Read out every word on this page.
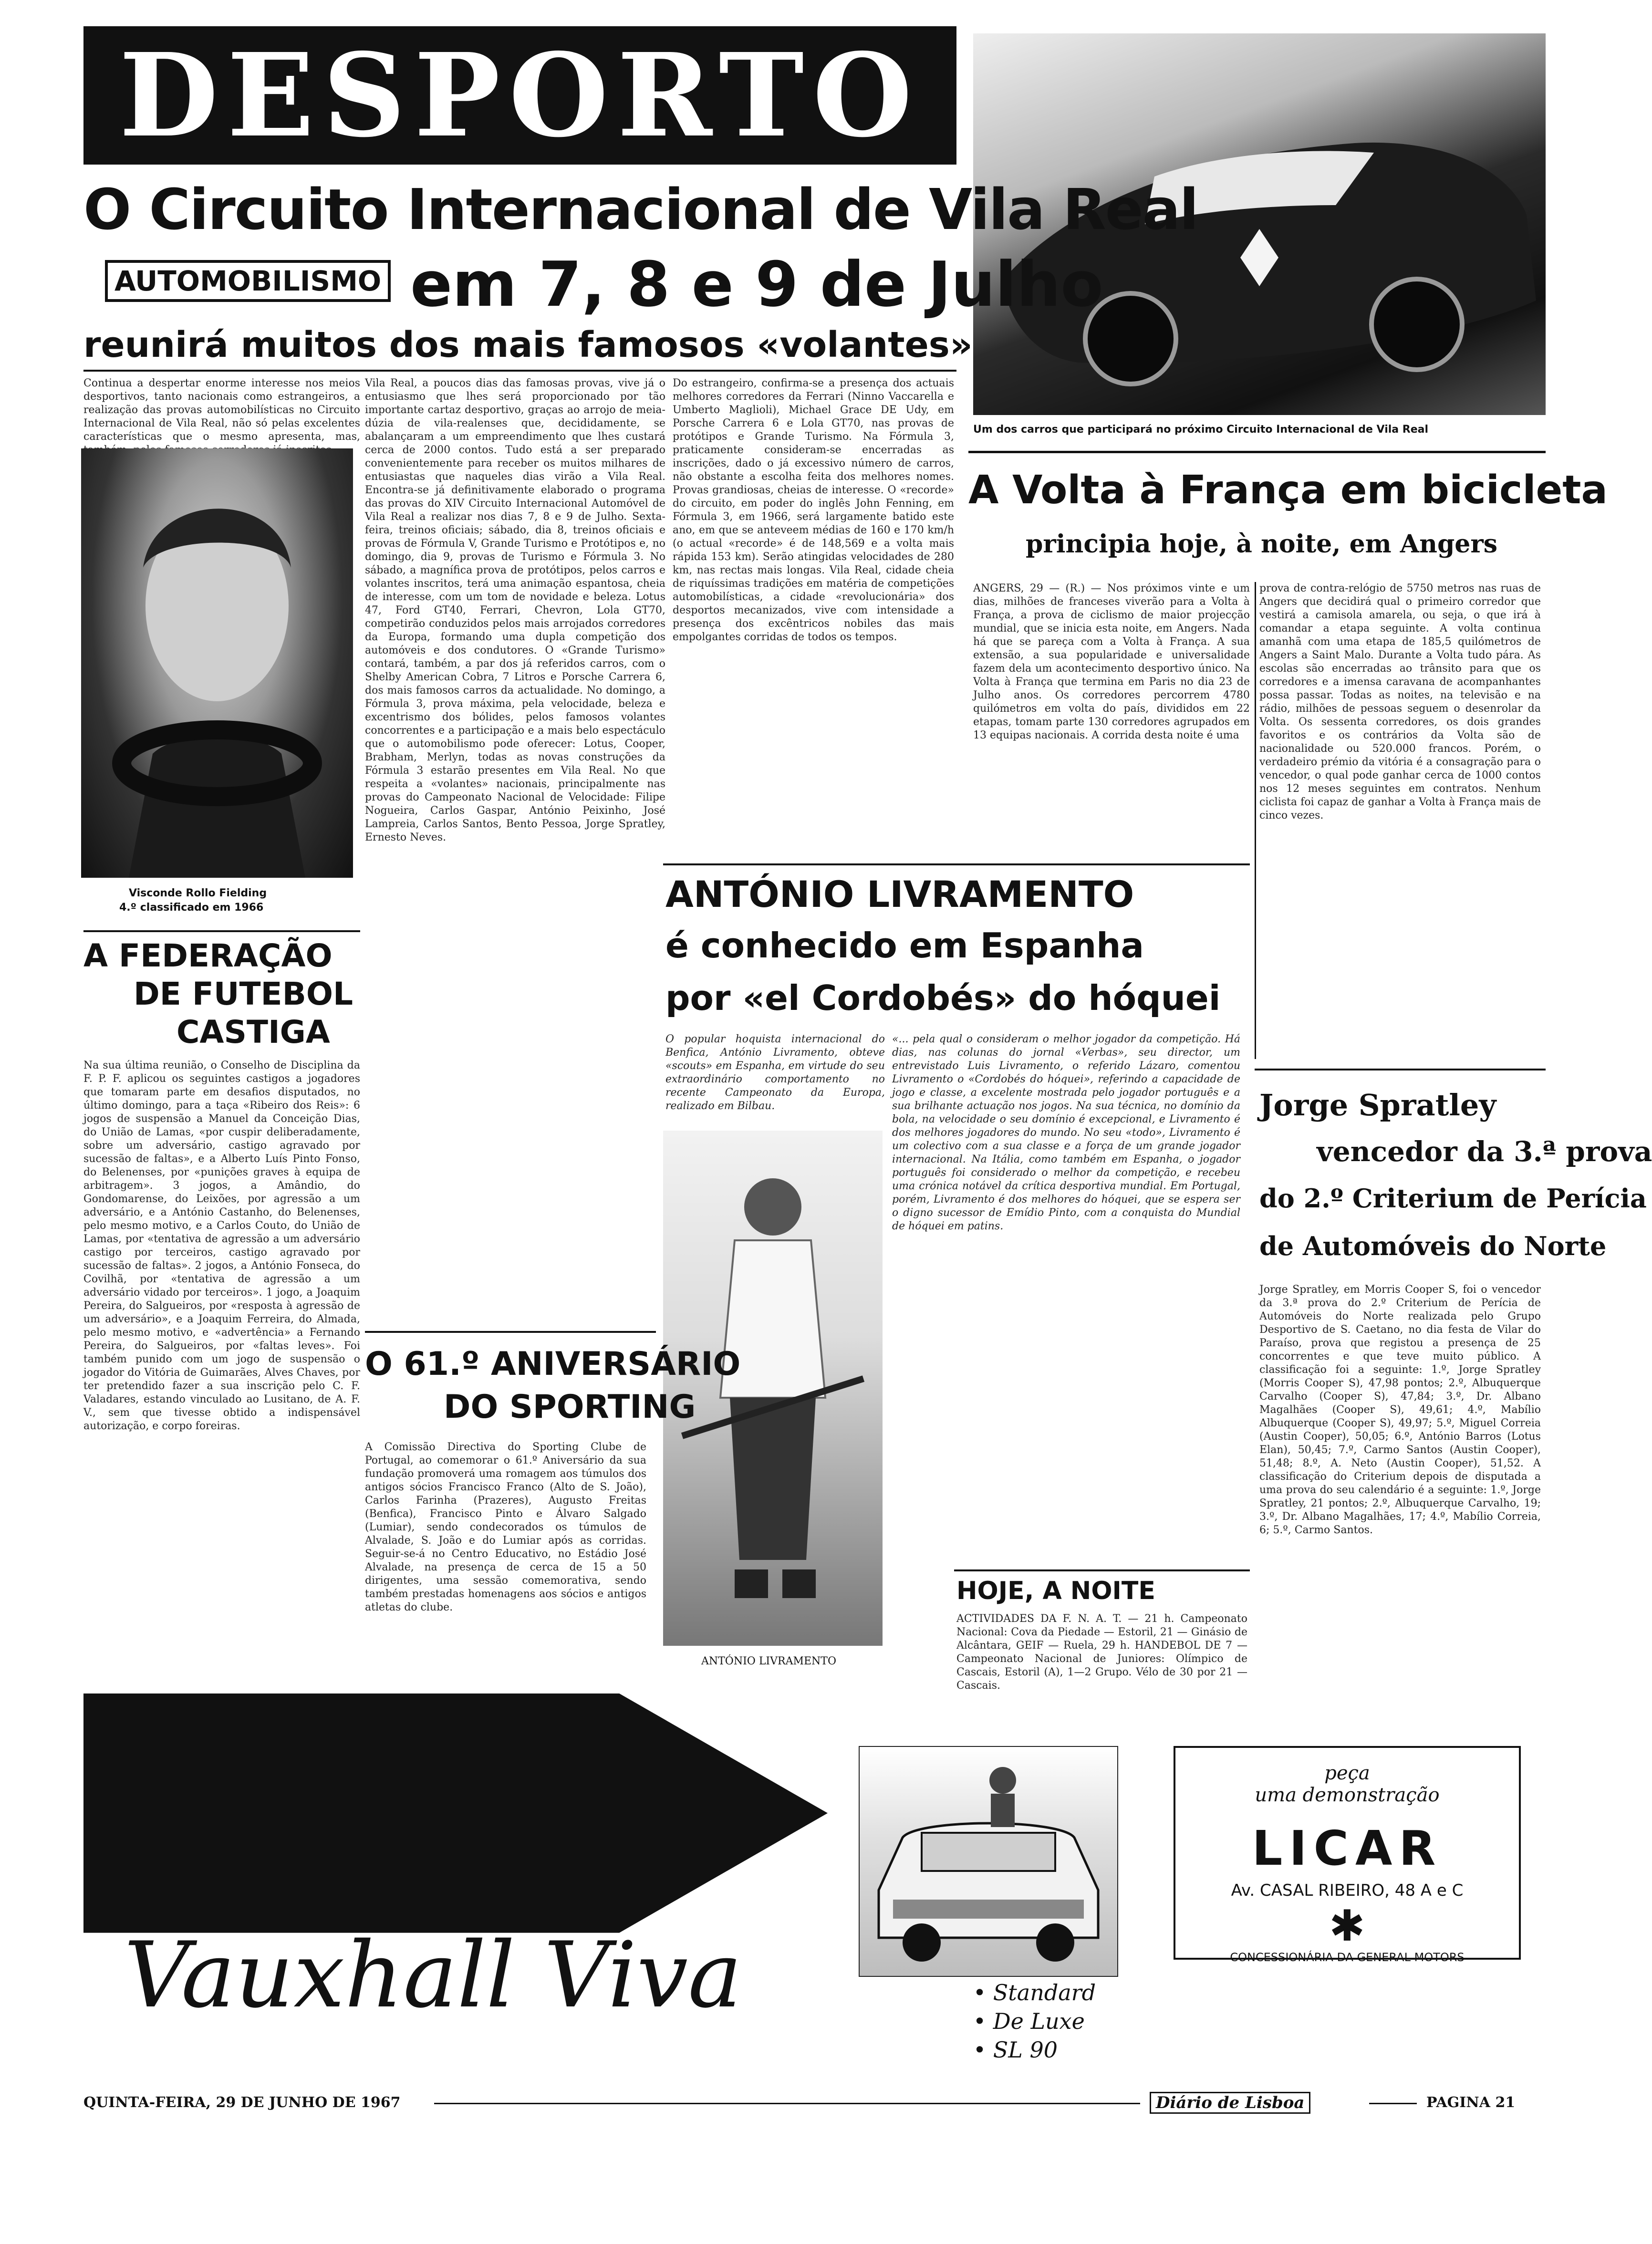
DESPORTO
Um dos carros que participará no próximo Circuito Internacional de Vila Real
O Circuito Internacional de Vila Real
AUTOMOBILISMO em 7, 8 e 9 de Julho
reunirá muitos dos mais famosos «volantes»
Continua a despertar enorme interesse nos meios desportivos, tanto nacionais como estrangeiros, a realização das provas automobilísticas no Circuito Internacional de Vila Real, não só pelas excelentes características que o mesmo apresenta, mas,
Visconde Rollo Fielding
4.º classificado em 1966
Vila Real, a poucos dias das famosas provas, vive já o entusiasmo que lhes será proporcionado por tão importante cartaz desportivo, graças ao arrojo de meia-dúzia de vila-realenses que, decididamente, se abalançaram a um empreendimento que lhes custará cerca de 2000 contos. Tudo está a ser preparado convenientemente para receber os muitos milhares de entusiastas que naqueles dias virão a Vila Real. Encontra-se já definitivamente elaborado o programa das provas do XIV Circuito Internacional Automóvel de Vila Real a realizar nos dias 7, 8 e 9 de Julho. Sexta-feira, treinos oficiais; sábado, dia 8, treinos oficiais e provas de Fórmula V, Grande Turismo e Protótipos e, no domingo, dia 9, provas de Turismo e Fórmula 3. No sábado, a magnífica prova de protótipos, pelos carros e volantes inscritos, terá uma animação espantosa, cheia de interesse, com um tom de novidade e beleza. Lotus 47, Ford GT40, Ferrari, Chevron, Lola GT70, competirão conduzidos pelos mais arrojados corredores da Europa, formando uma dupla competição dos automóveis e dos condutores. O «Grande Turismo» contará, também, a par dos já referidos carros, com o Shelby American Cobra, 7 Litros e Porsche Carrera 6, dos mais famosos carros da actualidade. No domingo, a Fórmula 3, prova máxima, pela velocidade, beleza e excentrismo dos bólides, pelos famosos volantes concorrentes e a participação e a mais belo espectáculo que o automobilismo pode oferecer: Lotus, Cooper, Brabham, Merlyn, todas as novas construções da Fórmula 3 estarão presentes em Vila Real. No que respeita a «volantes» nacionais, principalmente nas provas do Campeonato Nacional de Velocidade: Filipe Nogueira, Carlos Gaspar, António Peixinho, José Lampreia, Carlos Santos, Bento Pessoa, Jorge Spratley, Ernesto Neves.
Do estrangeiro, confirma-se a presença dos actuais melhores corredores da Ferrari (Ninno Vaccarella e Umberto Maglioli), Michael Grace DE Udy, em Porsche Carrera 6 e Lola GT70, nas provas de protótipos e Grande Turismo. Na Fórmula 3, praticamente consideram-se encerradas as inscrições, dado o já excessivo número de carros, não obstante a escolha feita dos melhores nomes. Provas grandiosas, cheias de interesse. O «recorde» do circuito, em poder do inglês John Fenning, em Fórmula 3, em 1966, será largamente batido este ano, em que se anteveem médias de 160 e 170 km/h (o actual «recorde» é de 148,569 e a volta mais rápida 153 km). Serão atingidas velocidades de 280 km, nas rectas mais longas. Vila Real, cidade cheia de riquíssimas tradições em matéria de competições automobilísticas, a cidade «revolucionária» dos desportos mecanizados, vive com intensidade a presença dos excêntricos nobiles das mais empolgantes corridas de todos os tempos.
A Volta à França em bicicleta
principia hoje, à noite, em Angers
ANGERS, 29 — (R.) — Nos próximos vinte e um dias, milhões de franceses viverão para a Volta à França, a prova de ciclismo de maior projecção mundial, que se inicia esta noite, em Angers. Nada há que se pareça com a Volta à França. A sua extensão, a sua popularidade e universalidade fazem dela um acontecimento desportivo único. Na Volta à França que termina em Paris no dia 23 de Julho anos. Os corredores percorrem 4780 quilómetros em volta do país, divididos em 22 etapas, tomam parte 130 corredores agrupados em 13 equipas nacionais. A corrida desta noite é uma
prova de contra-relógio de 5750 metros nas ruas de Angers que decidirá qual o primeiro corredor que vestirá a camisola amarela, ou seja, o que irá à comandar a etapa seguinte. A volta continua amanhã com uma etapa de 185,5 quilómetros de Angers a Saint Malo. Durante a Volta tudo pára. As escolas são encerradas ao trânsito para que os corredores e a imensa caravana de acompanhantes possa passar. Todas as noites, na televisão e na rádio, milhões de pessoas seguem o desenrolar da Volta. Os sessenta corredores, os dois grandes favoritos e os contrários da Volta são de nacionalidade ou 520.000 francos. Porém, o verdadeiro prémio da vitória é a consagração para o vencedor, o qual pode ganhar cerca de 1000 contos nos 12 meses seguintes em contratos. Nenhum ciclista foi capaz de ganhar a Volta à França mais de cinco vezes.
A FEDERAÇÃO
DE FUTEBOL
CASTIGA
Na sua última reunião, o Conselho de Disciplina da F. P. F. aplicou os seguintes castigos a jogadores que tomaram parte em desafios disputados, no último domingo, para a taça «Ribeiro dos Reis»: 6 jogos de suspensão a Manuel da Conceição Dias, do União de Lamas, «por cuspir deliberadamente, sobre um adversário, castigo agravado por sucessão de faltas», e a Alberto Luís Pinto Fonso, do Belenenses, por «punições graves à equipa de arbitragem». 3 jogos, a Amândio, do Gondomarense, do Leixões, por agressão a um adversário, e a António Castanho, do Belenenses, pelo mesmo motivo, e a Carlos Couto, do União de Lamas, por «tentativa de agressão a um adversário castigo por terceiros, castigo agravado por sucessão de faltas». 2 jogos, a António Fonseca, do Covilhã, por «tentativa de agressão a um adversário vidado por terceiros». 1 jogo, a Joaquim Pereira, do Salgueiros, por «resposta à agressão de um adversário», e a Joaquim Ferreira, do Almada, pelo mesmo motivo, e «advertência» a Fernando Pereira, do Salgueiros, por «faltas leves». Foi também punido com um jogo de suspensão o jogador do Vitória de Guimarães, Alves Chaves, por ter pretendido fazer a sua inscrição pelo C. F. Valadares, estando vinculado ao Lusitano, de A. F. V., sem que tivesse obtido a indispensável autorização, e corpo foreiras.
ANTÓNIO LIVRAMENTO
é conhecido em Espanha
por «el Cordobés» do hóquei
O popular hoquista internacional do Benfica, António Livramento, obteve «scouts» em Espanha, em virtude do seu extraordinário comportamento no recente Campeonato da Europa, realizado em Bilbau.
ANTÓNIO LIVRAMENTO
«... pela qual o consideram o melhor jogador da competição. Há dias, nas colunas do jornal «Verbas», seu director, um entrevistado Luis Livramento, o referido Lázaro, comentou Livramento o «Cordobés do hóquei», referindo a capacidade de jogo e classe, a excelente mostrada pelo jogador português e a sua brilhante actuação nos jogos. Na sua técnica, no domínio da bola, na velocidade o seu domínio é excepcional, e Livramento é dos melhores jogadores do mundo. No seu «todo», Livramento é um colectivo com a sua classe e a força de um grande jogador internacional. Na Itália, como também em Espanha, o jogador português foi considerado o melhor da competição, e recebeu uma crónica notável da crítica desportiva mundial. Em Portugal, porém, Livramento é dos melhores do hóquei, que se espera ser o digno sucessor de Emídio Pinto, com a conquista do Mundial de hóquei em patins.
O 61.º ANIVERSÁRIO
DO SPORTING
A Comissão Directiva do Sporting Clube de Portugal, ao comemorar o 61.º Aniversário da sua fundação promoverá uma romagem aos túmulos dos antigos sócios Francisco Franco (Alto de S. João), Carlos Farinha (Prazeres), Augusto Freitas (Benfica), Francisco Pinto e Álvaro Salgado (Lumiar), sendo condecorados os túmulos de Alvalade, S. João e do Lumiar após as corridas. Seguir-se-á no Centro Educativo, no Estádio José Alvalade, na presença de cerca de 15 a 50 dirigentes, uma sessão comemorativa, sendo também prestadas homenagens aos sócios e antigos atletas do clube.
Jorge Spratley
vencedor da 3.ª prova
do 2.º Criterium de Perícia
de Automóveis do Norte
Jorge Spratley, em Morris Cooper S, foi o vencedor da 3.ª prova do 2.º Criterium de Perícia de Automóveis do Norte realizada pelo Grupo Desportivo de S. Caetano, no dia festa de Vilar do Paraíso, prova que registou a presença de 25 concorrentes e que teve muito público. A classificação foi a seguinte: 1.º, Jorge Spratley (Morris Cooper S), 47,98 pontos; 2.º, Albuquerque Carvalho (Cooper S), 47,84; 3.º, Dr. Albano Magalhães (Cooper S), 49,61; 4.º, Mabílio Albuquerque (Cooper S), 49,97; 5.º, Miguel Correia (Austin Cooper), 50,05; 6.º, António Barros (Lotus Elan), 50,45; 7.º, Carmo Santos (Austin Cooper), 51,48; 8.º, A. Neto (Austin Cooper), 51,52. A classificação do Criterium depois de disputada a uma prova do seu calendário é a seguinte: 1.º, Jorge Spratley, 21 pontos; 2.º, Albuquerque Carvalho, 19; 3.º, Dr. Albano Magalhães, 17; 4.º, Mabílio Correia, 6; 5.º, Carmo Santos.
HOJE, A NOITE
ACTIVIDADES DA F. N. A. T. — 21 h. Campeonato Nacional: Cova da Piedade — Estoril, 21 — Ginásio de Alcântara, GEIF — Ruela, 29 h. HANDEBOL DE 7 — Campeonato Nacional de Juniores: Olímpico de Cascais, Estoril (A), 1—2 Grupo. Vélo de 30 por 21 — Cascais.
Vauxhall Viva	• Standard
• De Luxe
• SL 90
peça
uma demonstração
LICAR
Av. CASAL RIBEIRO, 48 A e C
✱
CONCESSIONÁRIA DA GENERAL MOTORS
QUINTA-FEIRA, 29 DE JUNHO DE 1967	Diário de Lisboa	PAGINA 21
